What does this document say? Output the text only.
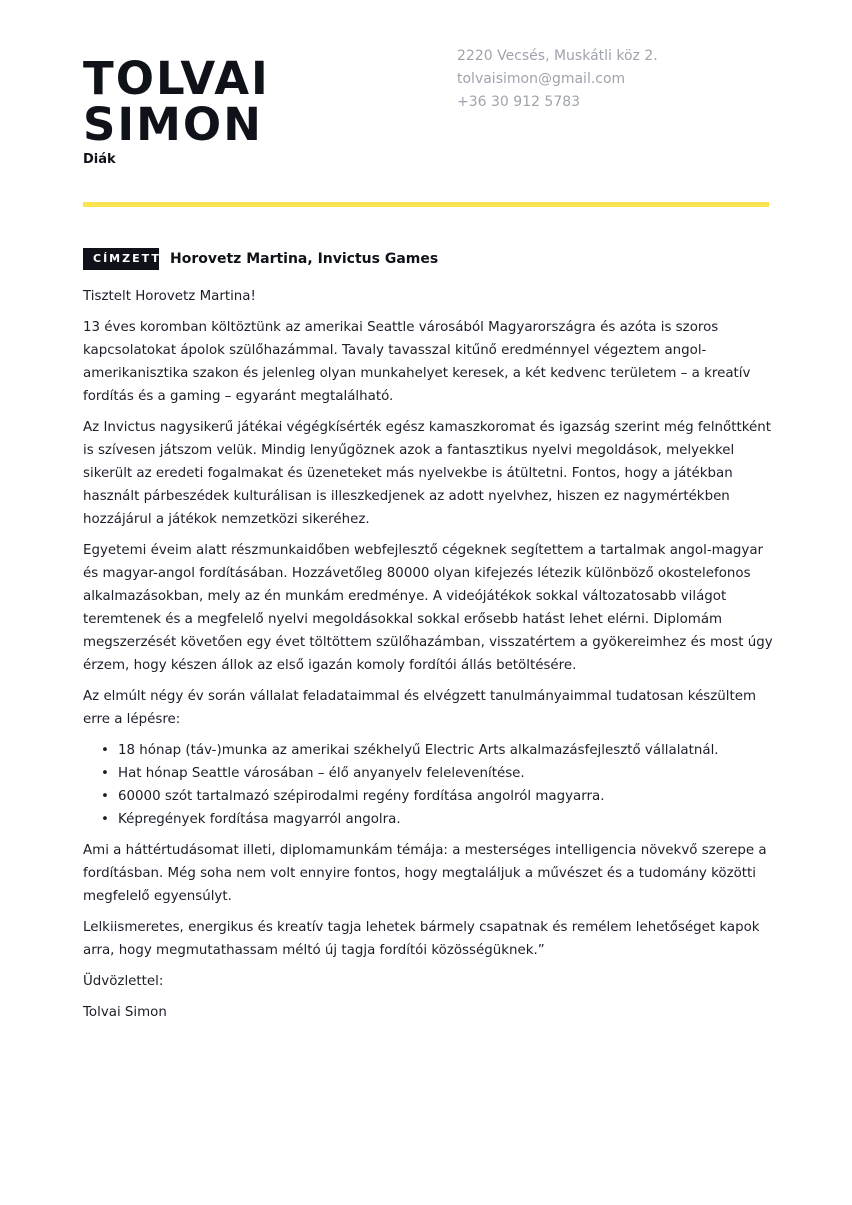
TOLVAI
SIMON
Diák
2220 Vecsés, Muskátli köz 2.
tolvaisimon@gmail.com
+36 30 912 5783
CÍMZETT Horovetz Martina, Invictus Games

Tisztelt Horovetz Martina!

13 éves koromban költöztünk az amerikai Seattle városából Magyarországra és azóta is szoros kapcsolatokat ápolok szülőhazámmal. Tavaly tavasszal kitűnő eredménnyel végeztem angol-amerikanisztika szakon és jelenleg olyan munkahelyet keresek, a két kedvenc területem – a kreatív fordítás és a gaming – egyaránt megtalálható.

Az Invictus nagysikerű játékai végégkísérték egész kamaszkoromat és igazság szerint még felnőttként is szívesen játszom velük. Mindig lenyűgöznek azok a fantasztikus nyelvi megoldások, melyekkel sikerült az eredeti fogalmakat és üzeneteket más nyelvekbe is átültetni. Fontos, hogy a játékban használt párbeszédek kulturálisan is illeszkedjenek az adott nyelvhez, hiszen ez nagymértékben hozzájárul a játékok nemzetközi sikeréhez.

Egyetemi éveim alatt részmunkaidőben webfejlesztő cégeknek segítettem a tartalmak angol-magyar és magyar-angol fordításában. Hozzávetőleg 80000 olyan kifejezés létezik különböző okostelefonos alkalmazásokban, mely az én munkám eredménye. A videójátékok sokkal változatosabb világot teremtenek és a megfelelő nyelvi megoldásokkal sokkal erősebb hatást lehet elérni. Diplomám megszerzését követően egy évet töltöttem szülőhazámban, visszatértem a gyökereimhez és most úgy érzem, hogy készen állok az első igazán komoly fordítói állás betöltésére.

Az elmúlt négy év során vállalat feladataimmal és elvégzett tanulmányaimmal tudatosan készültem erre a lépésre:

• 18 hónap (táv-)munka az amerikai székhelyű Electric Arts alkalmazásfejlesztő vállalatnál.
• Hat hónap Seattle városában – élő anyanyelv felelevenítése.
• 60000 szót tartalmazó szépirodalmi regény fordítása angolról magyarra.
• Képregények fordítása magyarról angolra.

Ami a háttértudásomat illeti, diplomamunkám témája: a mesterséges intelligencia növekvő szerepe a fordításban. Még soha nem volt ennyire fontos, hogy megtaláljuk a művészet és a tudomány közötti megfelelő egyensúlyt.

Lelkiismeretes, energikus és kreatív tagja lehetek bármely csapatnak és remélem lehetőséget kapok arra, hogy megmutathassam méltó új tagja fordítói közösségüknek.”

Üdvözlettel:

Tolvai Simon
